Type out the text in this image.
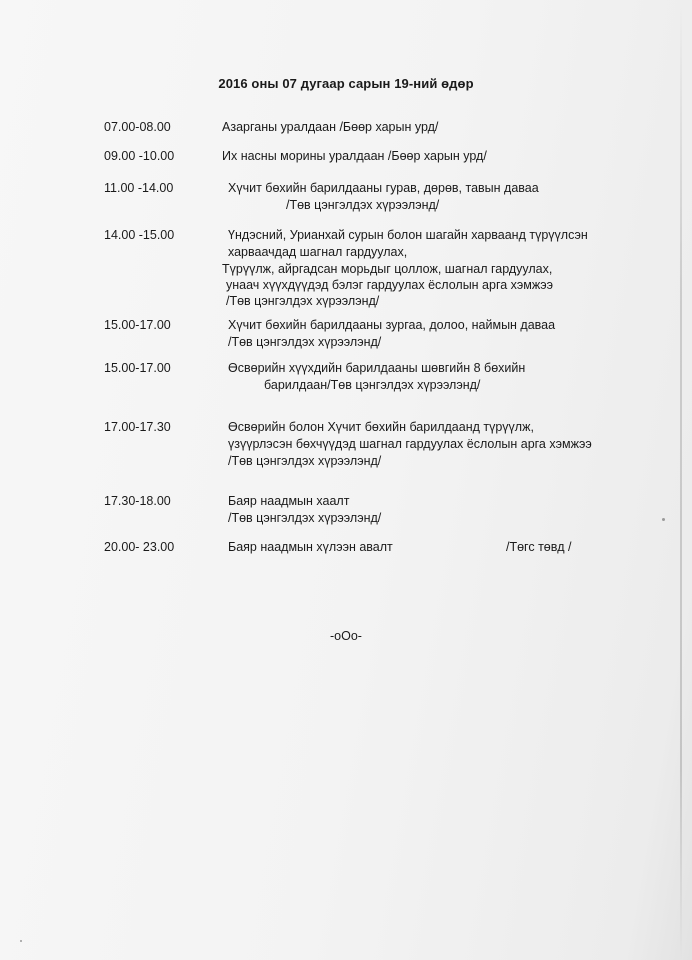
2016 оны 07 дугаар сарын 19-ний өдөр
07.00-08.00	Азарганы уралдаан /Бөөр харын урд/
09.00 -10.00	Их насны морины уралдаан /Бөөр харын урд/
11.00 -14.00	Хүчит бөхийн барилдааны гурав, дөрөв, тавын даваа
/Төв цэнгэлдэх хүрээлэнд/
14.00 -15.00	Үндэсний, Урианхай сурын болон шагайн харваанд түрүүлсэн
харваачдад шагнал гардуулах,
Түрүүлж, айргадсан морьдыг цоллож, шагнал гардуулах,
унаач хүүхдүүдэд бэлэг гардуулах ёслолын арга хэмжээ
/Төв цэнгэлдэх хүрээлэнд/
15.00-17.00	Хүчит бөхийн барилдааны зургаа, долоо, наймын даваа
/Төв цэнгэлдэх хүрээлэнд/
15.00-17.00	Өсвөрийн хүүхдийн барилдааны шөвгийн 8 бөхийн
барилдаан/Төв цэнгэлдэх хүрээлэнд/
17.00-17.30	Өсвөрийн болон Хүчит бөхийн барилдаанд түрүүлж,
үзүүрлэсэн бөхчүүдэд шагнал гардуулах ёслолын арга хэмжээ
/Төв цэнгэлдэх хүрээлэнд/
17.30-18.00	Баяр наадмын хаалт
/Төв цэнгэлдэх хүрээлэнд/
20.00- 23.00	Баяр наадмын хүлээн авалт	/Төгс төвд /
-oOo-
